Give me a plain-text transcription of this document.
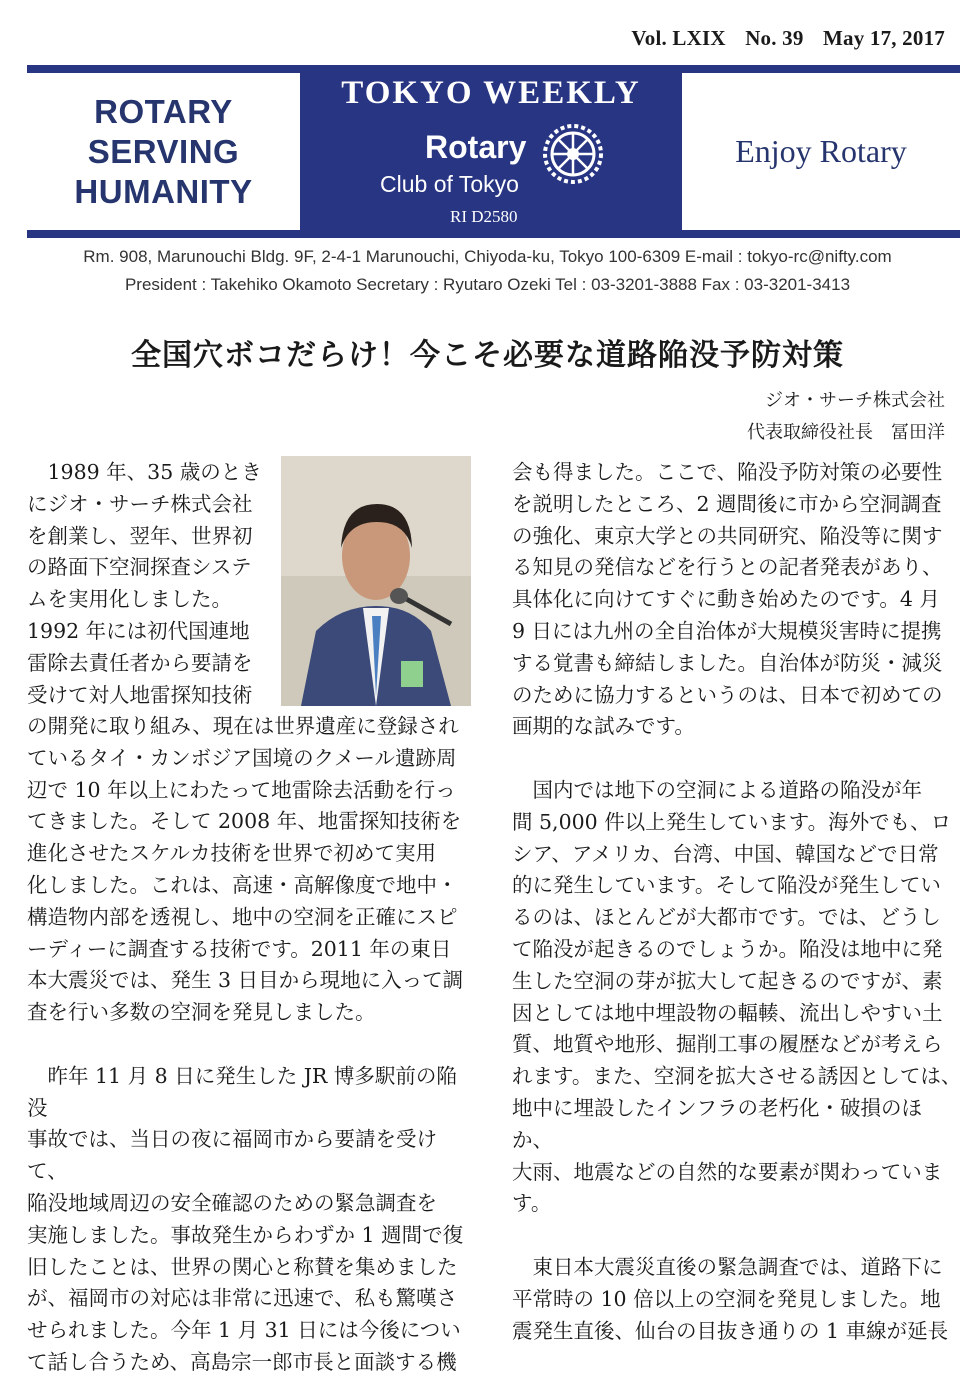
Vol. LXIX No. 39 May 17, 2017
ROTARY
SERVING
HUMANITY
TOKYO WEEKLY
Rotary
Club of Tokyo
RI D2580
Enjoy Rotary
Rm. 908, Marunouchi Bldg. 9F, 2-4-1 Marunouchi, Chiyoda-ku, Tokyo 100-6309 E-mail : tokyo-rc@nifty.com
President : Takehiko Okamoto Secretary : Ryutaro Ozeki Tel : 03-3201-3888 Fax : 03-3201-3413
全国穴ボコだらけ！今こそ必要な道路陥没予防対策
ジオ・サーチ株式会社
代表取締役社長　冨田洋

　1989 年、35 歳のとき

にジオ・サーチ株式会社

を創業し、翌年、世界初

の路面下空洞探査システ

ムを実用化しました。

1992 年には初代国連地

雷除去責任者から要請を

受けて対人地雷探知技術

の開発に取り組み、現在は世界遺産に登録され

ているタイ・カンボジア国境のクメール遺跡周

辺で 10 年以上にわたって地雷除去活動を行っ

てきました。そして 2008 年、地雷探知技術を

進化させたスケルカ技術を世界で初めて実用

化しました。これは、高速・高解像度で地中・

構造物内部を透視し、地中の空洞を正確にスピ

ーディーに調査する技術です。2011 年の東日

本大震災では、発生 3 日目から現地に入って調

査を行い多数の空洞を発見しました。

　昨年 11 月 8 日に発生した JR 博多駅前の陥没

事故では、当日の夜に福岡市から要請を受けて、

陥没地域周辺の安全確認のための緊急調査を

実施しました。事故発生からわずか 1 週間で復

旧したことは、世界の関心と称賛を集めました

が、福岡市の対応は非常に迅速で、私も驚嘆さ

せられました。今年 1 月 31 日には今後につい

て話し合うため、高島宗一郎市長と面談する機

会も得ました。ここで、陥没予防対策の必要性

を説明したところ、2 週間後に市から空洞調査

の強化、東京大学との共同研究、陥没等に関す

る知見の発信などを行うとの記者発表があり、

具体化に向けてすぐに動き始めたのです。4 月

9 日には九州の全自治体が大規模災害時に提携

する覚書も締結しました。自治体が防災・減災

のために協力するというのは、日本で初めての

画期的な試みです。

　国内では地下の空洞による道路の陥没が年

間 5,000 件以上発生しています。海外でも、ロ

シア、アメリカ、台湾、中国、韓国などで日常

的に発生しています。そして陥没が発生してい

るのは、ほとんどが大都市です。では、どうし

て陥没が起きるのでしょうか。陥没は地中に発

生した空洞の芽が拡大して起きるのですが、素

因としては地中埋設物の輻輳、流出しやすい土

質、地質や地形、掘削工事の履歴などが考えら

れます。また、空洞を拡大させる誘因としては、

地中に埋設したインフラの老朽化・破損のほか、

大雨、地震などの自然的な要素が関わっていま

す。

　東日本大震災直後の緊急調査では、道路下に

平常時の 10 倍以上の空洞を発見しました。地

震発生直後、仙台の目抜き通りの 1 車線が延長
